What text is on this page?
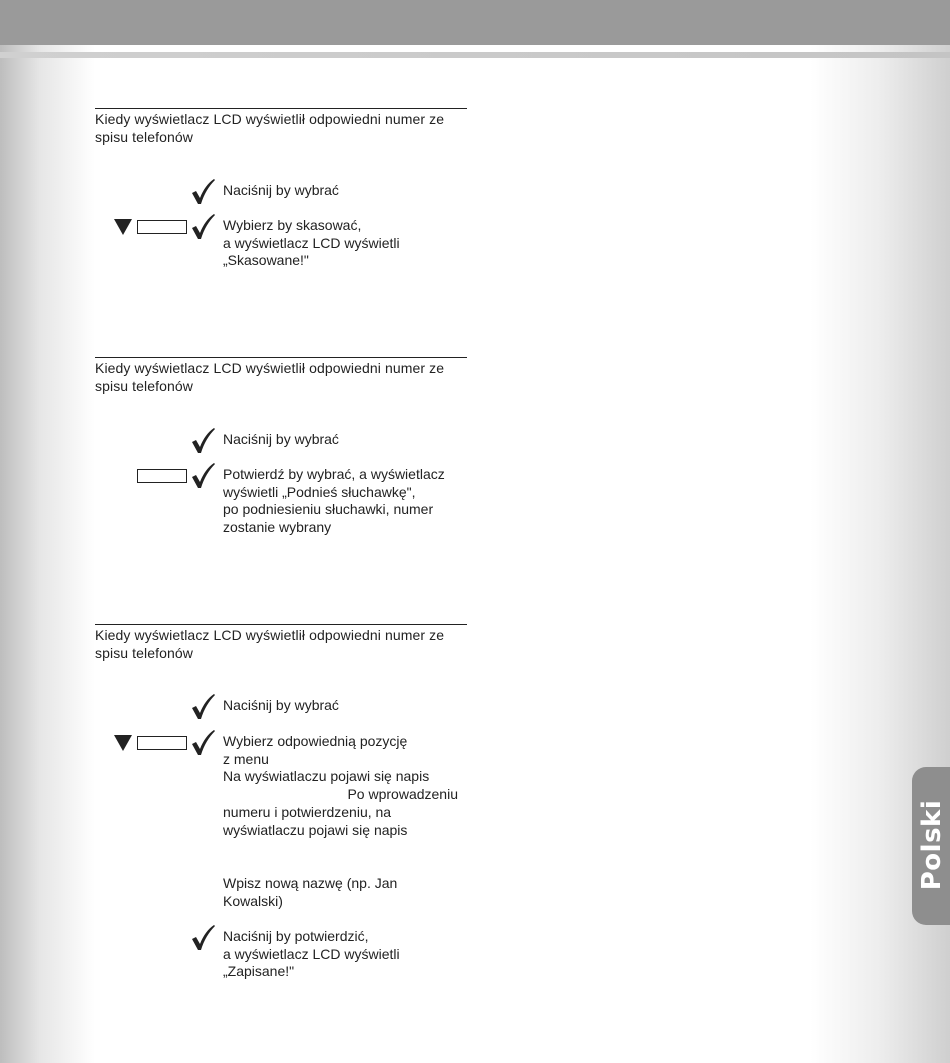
Kiedy wyświetlacz LCD wyświetlił odpowiedni numer ze spisu telefonów
Naciśnij by wybrać
Wybierz by skasować,
a wyświetlacz LCD wyświetli
„Skasowane!"
Kiedy wyświetlacz LCD wyświetlił odpowiedni numer ze spisu telefonów
Naciśnij by wybrać
Potwierdź by wybrać, a wyświetlacz
wyświetli „Podnieś słuchawkę",
po podniesieniu słuchawki, numer
zostanie wybrany
Kiedy wyświetlacz LCD wyświetlił odpowiedni numer ze spisu telefonów
Naciśnij by wybrać
Wybierz odpowiednią pozycję
z menu
Na wyświatlaczu pojawi się napis
Po wprowadzeniu
numeru i potwierdzeniu, na
wyświatlaczu pojawi się napis
Wpisz nową nazwę (np. Jan
Kowalski)
Naciśnij by potwierdzić,
a wyświetlacz LCD wyświetli
„Zapisane!"
Polski
